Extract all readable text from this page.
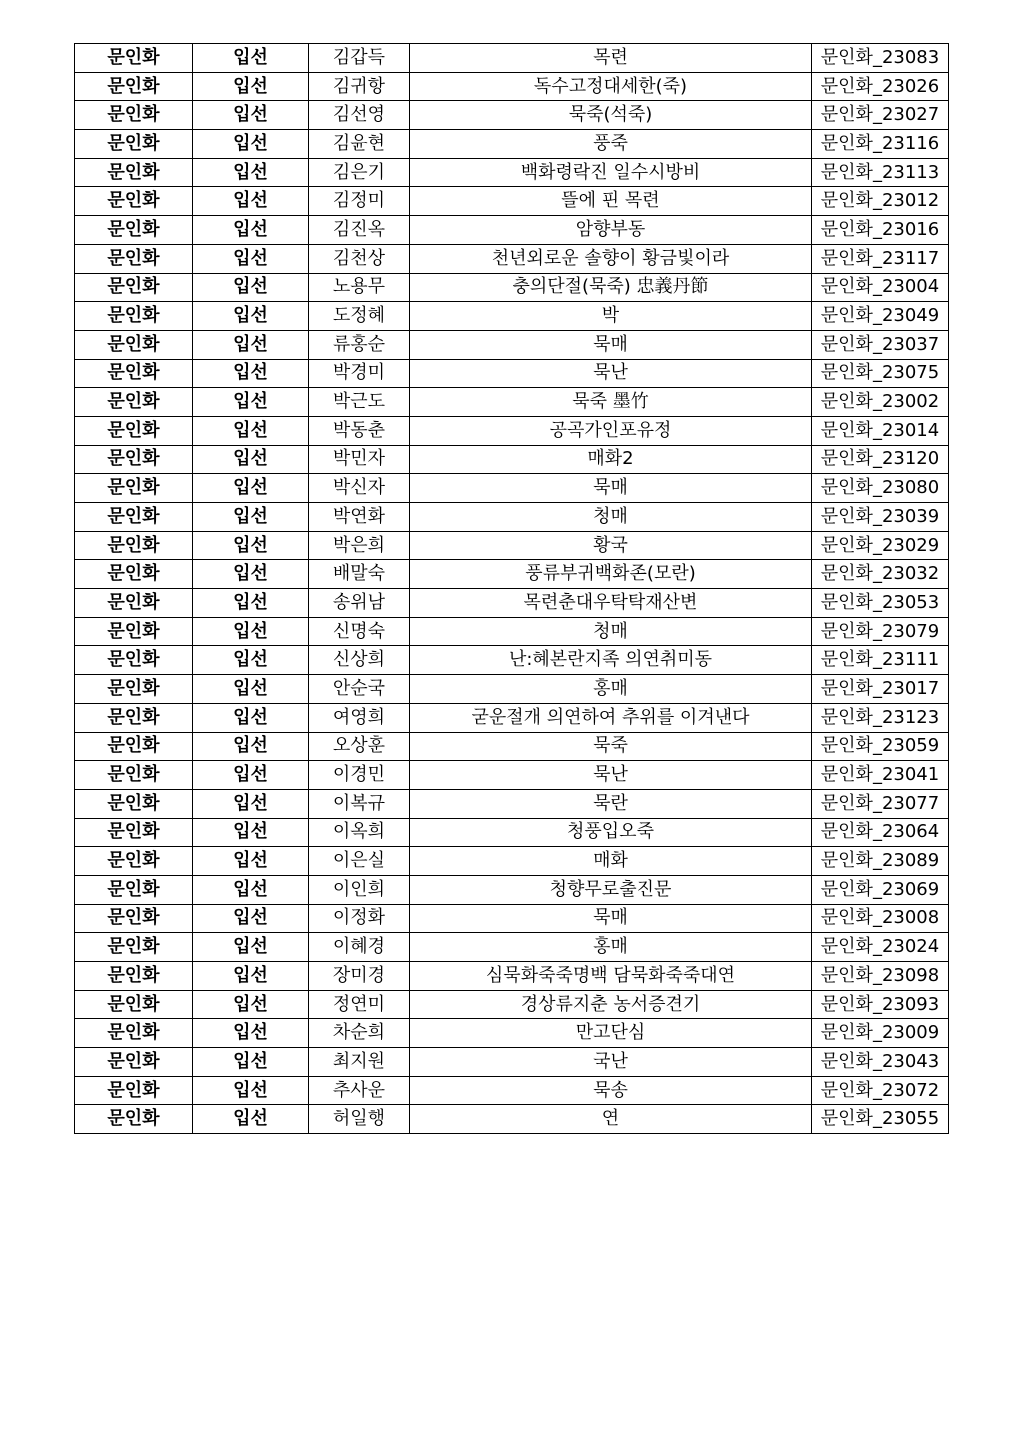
문인화	입선	김갑득	목련	문인화_23083
문인화	입선	김귀항	독수고정대세한(죽)	문인화_23026
문인화	입선	김선영	묵죽(석죽)	문인화_23027
문인화	입선	김윤현	풍죽	문인화_23116
문인화	입선	김은기	백화령락진 일수시방비	문인화_23113
문인화	입선	김정미	뜰에 핀 목련	문인화_23012
문인화	입선	김진옥	암향부동	문인화_23016
문인화	입선	김천상	천년외로운 솔향이 황금빛이라	문인화_23117
문인화	입선	노용무	충의단절(묵죽) 忠義丹節	문인화_23004
문인화	입선	도정혜	박	문인화_23049
문인화	입선	류홍순	묵매	문인화_23037
문인화	입선	박경미	묵난	문인화_23075
문인화	입선	박근도	묵죽 墨竹	문인화_23002
문인화	입선	박동춘	공곡가인포유정	문인화_23014
문인화	입선	박민자	매화2	문인화_23120
문인화	입선	박신자	묵매	문인화_23080
문인화	입선	박연화	청매	문인화_23039
문인화	입선	박은희	황국	문인화_23029
문인화	입선	배말숙	풍류부귀백화존(모란)	문인화_23032
문인화	입선	송위남	목련춘대우탁탁재산변	문인화_23053
문인화	입선	신명숙	청매	문인화_23079
문인화	입선	신상희	난:혜본란지족 의연취미동	문인화_23111
문인화	입선	안순국	홍매	문인화_23017
문인화	입선	여영희	굳운절개 의연하여 추위를 이겨낸다	문인화_23123
문인화	입선	오상훈	묵죽	문인화_23059
문인화	입선	이경민	묵난	문인화_23041
문인화	입선	이복규	묵란	문인화_23077
문인화	입선	이옥희	청풍입오죽	문인화_23064
문인화	입선	이은실	매화	문인화_23089
문인화	입선	이인희	청향무로출진문	문인화_23069
문인화	입선	이정화	묵매	문인화_23008
문인화	입선	이혜경	홍매	문인화_23024
문인화	입선	장미경	심묵화죽죽명백 담묵화죽죽대연	문인화_23098
문인화	입선	정연미	경상류지춘 농서증견기	문인화_23093
문인화	입선	차순희	만고단심	문인화_23009
문인화	입선	최지원	국난	문인화_23043
문인화	입선	추사운	묵송	문인화_23072
문인화	입선	허일행	연	문인화_23055
